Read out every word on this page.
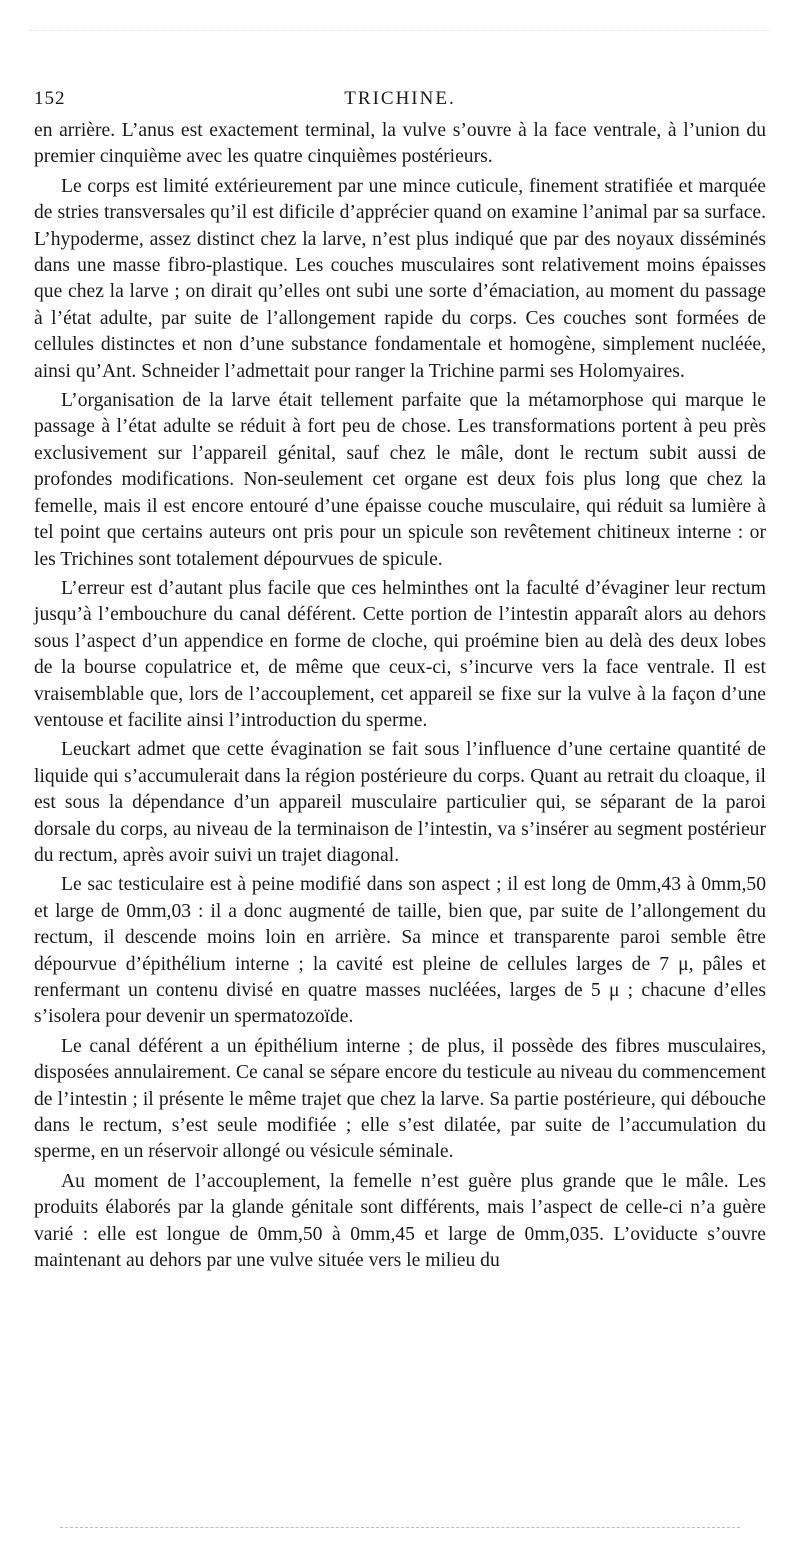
152	TRICHINE.

en arrière. L’anus est exactement terminal, la vulve s’ouvre à la face ventrale, à l’union du premier cinquième avec les quatre cinquièmes postérieurs.

Le corps est limité extérieurement par une mince cuticule, finement stratifiée et marquée de stries transversales qu’il est dificile d’apprécier quand on examine l’animal par sa surface. L’hypoderme, assez distinct chez la larve, n’est plus indiqué que par des noyaux disséminés dans une masse fibro-plastique. Les couches musculaires sont relativement moins épaisses que chez la larve ; on dirait qu’elles ont subi une sorte d’émaciation, au moment du passage à l’état adulte, par suite de l’allongement rapide du corps. Ces couches sont formées de cellules distinctes et non d’une substance fondamentale et homogène, simplement nucléée, ainsi qu’Ant. Schneider l’admettait pour ranger la Trichine parmi ses Holomyaires.

L’organisation de la larve était tellement parfaite que la métamorphose qui marque le passage à l’état adulte se réduit à fort peu de chose. Les transformations portent à peu près exclusivement sur l’appareil génital, sauf chez le mâle, dont le rectum subit aussi de profondes modifications. Non-seulement cet organe est deux fois plus long que chez la femelle, mais il est encore entouré d’une épaisse couche musculaire, qui réduit sa lumière à tel point que certains auteurs ont pris pour un spicule son revêtement chitineux interne : or les Trichines sont totalement dépourvues de spicule.

L’erreur est d’autant plus facile que ces helminthes ont la faculté d’évaginer leur rectum jusqu’à l’embouchure du canal déférent. Cette portion de l’intestin apparaît alors au dehors sous l’aspect d’un appendice en forme de cloche, qui proémine bien au delà des deux lobes de la bourse copulatrice et, de même que ceux-ci, s’incurve vers la face ventrale. Il est vraisemblable que, lors de l’accouplement, cet appareil se fixe sur la vulve à la façon d’une ventouse et facilite ainsi l’introduction du sperme.

Leuckart admet que cette évagination se fait sous l’influence d’une certaine quantité de liquide qui s’accumulerait dans la région postérieure du corps. Quant au retrait du cloaque, il est sous la dépendance d’un appareil musculaire particulier qui, se séparant de la paroi dorsale du corps, au niveau de la terminaison de l’intestin, va s’insérer au segment postérieur du rectum, après avoir suivi un trajet diagonal.

Le sac testiculaire est à peine modifié dans son aspect ; il est long de 0mm,43 à 0mm,50 et large de 0mm,03 : il a donc augmenté de taille, bien que, par suite de l’allongement du rectum, il descende moins loin en arrière. Sa mince et transparente paroi semble être dépourvue d’épithélium interne ; la cavité est pleine de cellules larges de 7 μ, pâles et renfermant un contenu divisé en quatre masses nucléées, larges de 5 μ ; chacune d’elles s’isolera pour devenir un spermatozoïde.

Le canal déférent a un épithélium interne ; de plus, il possède des fibres musculaires, disposées annulairement. Ce canal se sépare encore du testicule au niveau du commencement de l’intestin ; il présente le même trajet que chez la larve. Sa partie postérieure, qui débouche dans le rectum, s’est seule modifiée ; elle s’est dilatée, par suite de l’accumulation du sperme, en un réservoir allongé ou vésicule séminale.

Au moment de l’accouplement, la femelle n’est guère plus grande que le mâle. Les produits élaborés par la glande génitale sont différents, mais l’aspect de celle-ci n’a guère varié : elle est longue de 0mm,50 à 0mm,45 et large de 0mm,035. L’oviducte s’ouvre maintenant au dehors par une vulve située vers le milieu du
